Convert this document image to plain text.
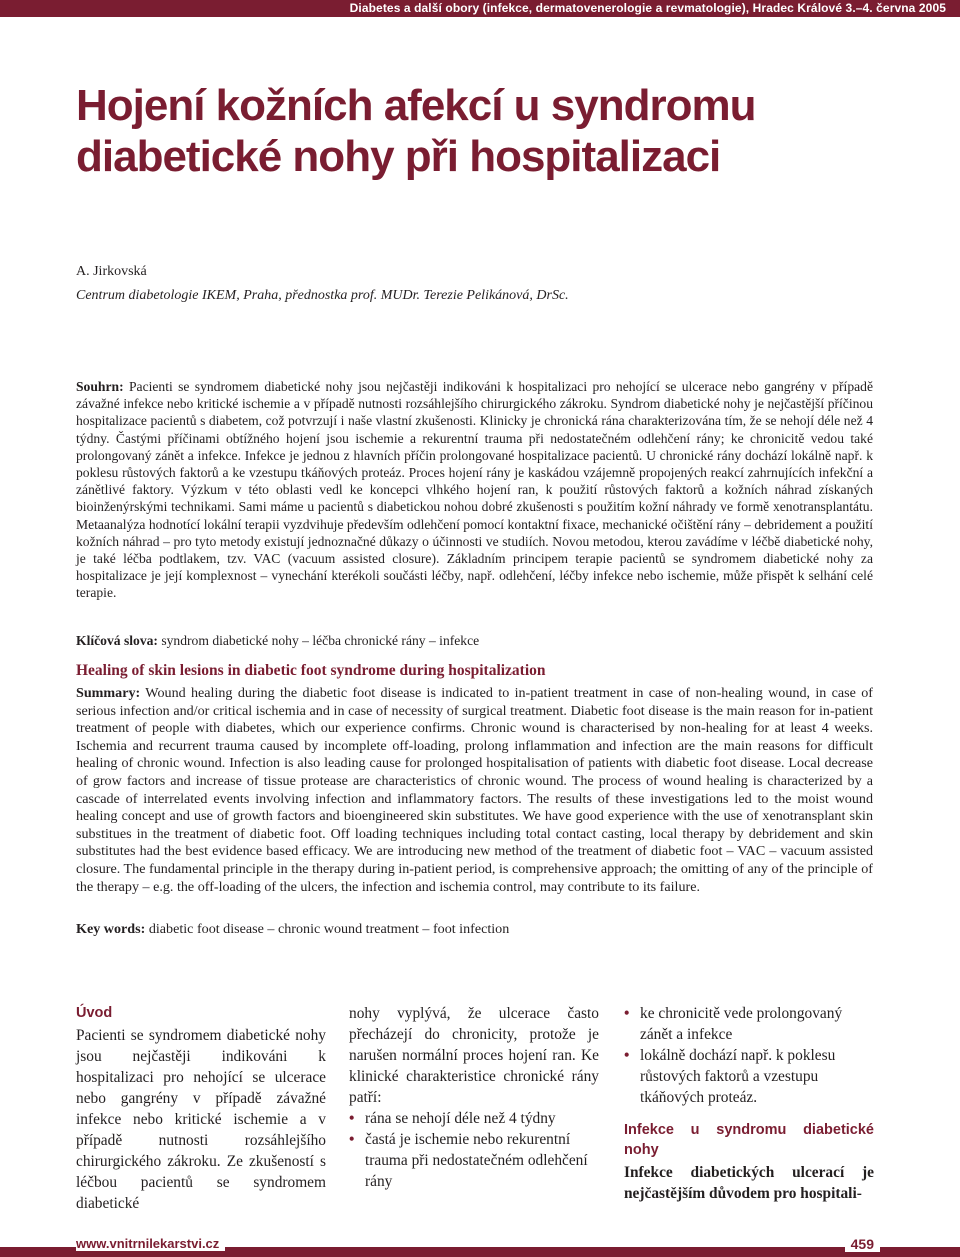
Diabetes a další obory (infekce, dermatovenerologie a revmatologie), Hradec Králové 3.–4. června 2005
Hojení kožních afekcí u syndromu diabetické nohy při hospitalizaci
A. Jirkovská
Centrum diabetologie IKEM, Praha, přednostka prof. MUDr. Terezie Pelikánová, DrSc.

Souhrn: Pacienti se syndromem diabetické nohy jsou nejčastěji indikováni k hospitalizaci pro nehojící se ulcerace nebo gangrény v případě závažné infekce nebo kritické ischemie a v případě nutnosti rozsáhlejšího chirurgického zákroku. Syndrom diabetické nohy je nejčastější příčinou hospitalizace pacientů s diabetem, což potvrzují i naše vlastní zkušenosti. Klinicky je chronická rána charakterizována tím, že se nehojí déle než 4 týdny. Častými příčinami obtížného hojení jsou ischemie a rekurentní trauma při nedostatečném odlehčení rány; ke chronicitě vedou také prolongovaný zánět a infekce. Infekce je jednou z hlavních příčin prolongované hospitalizace pacientů. U chronické rány dochází lokálně např. k poklesu růstových faktorů a ke vzestupu tkáňových proteáz. Proces hojení rány je kaskádou vzájemně propojených reakcí zahrnujících infekční a zánětlivé faktory. Výzkum v této oblasti vedl ke koncepci vlhkého hojení ran, k použití růstových faktorů a kožních náhrad získaných bioinženýrskými technikami. Sami máme u pacientů s diabetickou nohou dobré zkušenosti s použitím kožní náhrady ve formě xenotransplantátu. Metaanalýza hodnotící lokální terapii vyzdvihuje především odlehčení pomocí kontaktní fixace, mechanické očištění rány – debridement a použití kožních náhrad – pro tyto metody existují jednoznačné důkazy o účinnosti ve studiích. Novou metodou, kterou zavádíme v léčbě diabetické nohy, je také léčba podtlakem, tzv. VAC (vacuum assisted closure). Základním principem terapie pacientů se syndromem diabetické nohy za hospitalizace je její komplexnost – vynechání kterékoli součásti léčby, např. odlehčení, léčby infekce nebo ischemie, může přispět k selhání celé terapie.

Klíčová slova: syndrom diabetické nohy – léčba chronické rány – infekce

Healing of skin lesions in diabetic foot syndrome during hospitalization

Summary: Wound healing during the diabetic foot disease is indicated to in-patient treatment in case of non-healing wound, in case of serious infection and/or critical ischemia and in case of necessity of surgical treatment. Diabetic foot disease is the main reason for in-patient treatment of people with diabetes, which our experience confirms. Chronic wound is characterised by non-healing for at least 4 weeks. Ischemia and recurrent trauma caused by incomplete off-loading, prolong inflammation and infection are the main reasons for difficult healing of chronic wound. Infection is also leading cause for prolonged hospitalisation of patients with diabetic foot disease. Local decrease of grow factors and increase of tissue protease are characteristics of chronic wound. The process of wound healing is characterized by a cascade of interrelated events involving infection and inflammatory factors. The results of these investigations led to the moist wound healing concept and use of growth factors and bioengineered skin substitutes. We have good experience with the use of xenotransplant skin substitues in the treatment of diabetic foot. Off loading techniques including total contact casting, local therapy by debridement and skin substitutes had the best evidence based efficacy. We are introducing new method of the treatment of diabetic foot – VAC – vacuum assisted closure. The fundamental principle in the therapy during in-patient period, is comprehensive approach; the omitting of any of the principle of the therapy – e.g. the off-loading of the ulcers, the infection and ischemia control, may contribute to its failure.

Key words: diabetic foot disease – chronic wound treatment – foot infection

Úvod

Pacienti se syndromem diabetické nohy jsou nejčastěji indikováni k hospitalizaci pro nehojící se ulcerace nebo gangrény v případě závažné infekce nebo kritické ischemie a v případě nutnosti rozsáhlejšího chirurgického zákroku. Ze zkušeností s léčbou pacientů se syndromem diabetické

nohy vyplývá, že ulcerace často přecházejí do chronicity, protože je narušen normální proces hojení ran. Ke klinické charakteristice chronické rány patří:

• rána se nehojí déle než 4 týdny
• častá je ischemie nebo rekurentní trauma při nedostatečném odlehčení rány
• ke chronicitě vede prolongovaný zánět a infekce
• lokálně dochází např. k poklesu růstových faktorů a vzestupu tkáňových proteáz.
Infekce u syndromu diabetické nohy

Infekce diabetických ulcerací je nejčastějším důvodem pro hospitali-

www.vnitrnilekarstvi.cz	459
